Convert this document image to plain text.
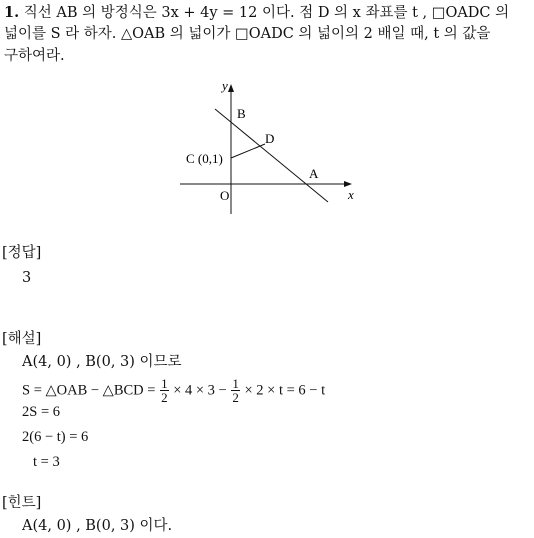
1. 직선 AB 의 방정식은 3x + 4y = 12 이다. 점 D 의 x 좌표를 t , □OADC 의
넓이를 S 라 하자. △OAB 의 넓이가 □OADC 의 넓이의 2 배일 때, t 의 값을
구하여라.
y
x
B
D
C (0,1)
A
O
[정답]
3
[해설]
A(4, 0) , B(0, 3) 이므로
S = △OAB − △BCD = $\frac{1}{2} \times 4 \times 3 - \frac{1}{2} \times 2 \times t = 6 - t$
2S = 6
2(6 − t) = 6
t = 3
[힌트]
A(4, 0) , B(0, 3) 이다.
